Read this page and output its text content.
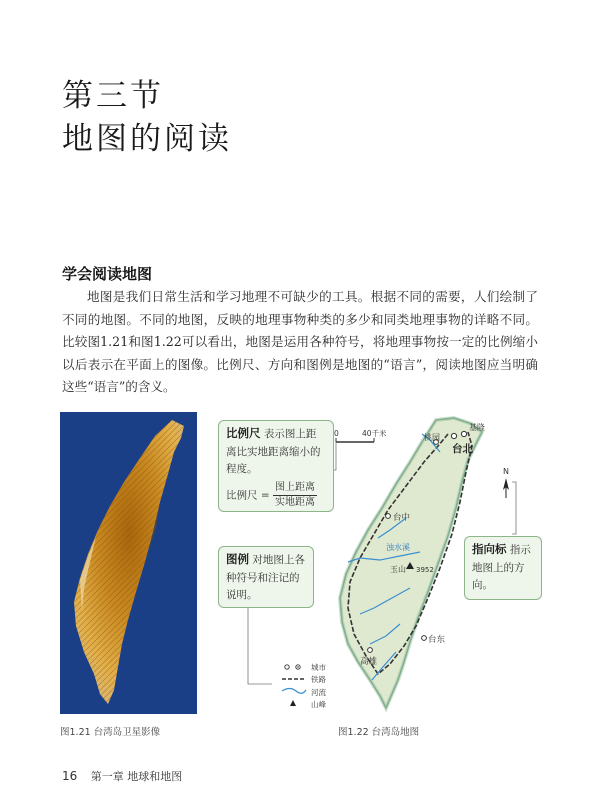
第三节
地图的阅读
学会阅读地图
地图是我们日常生活和学习地理不可缺少的工具。根据不同的需要，人们绘制了不同的地图。不同的地图，反映的地理事物种类的多少和同类地理事物的详略不同。比较图1.21和图1.22可以看出，地图是运用各种符号，将地理事物按一定的比例缩小以后表示在平面上的图像。比例尺、方向和图例是地图的“语言”，阅读地图应当明确这些“语言”的含义。
图1.21 台湾岛卫星影像
台北
桃园
基隆
台中
浊水溪
玉山 3952
台东
高雄
0	40千米
N
城市
铁路
河流
山峰
比例尺 表示图上距离比实地距离缩小的程度。
比例尺 = $\frac{\text{图上距离}}{\text{实地距离}}$
图例 对地图上各种符号和注记的说明。
指向标 指示地图上的方向。
图1.22 台湾岛地图
16 第一章 地球和地图
